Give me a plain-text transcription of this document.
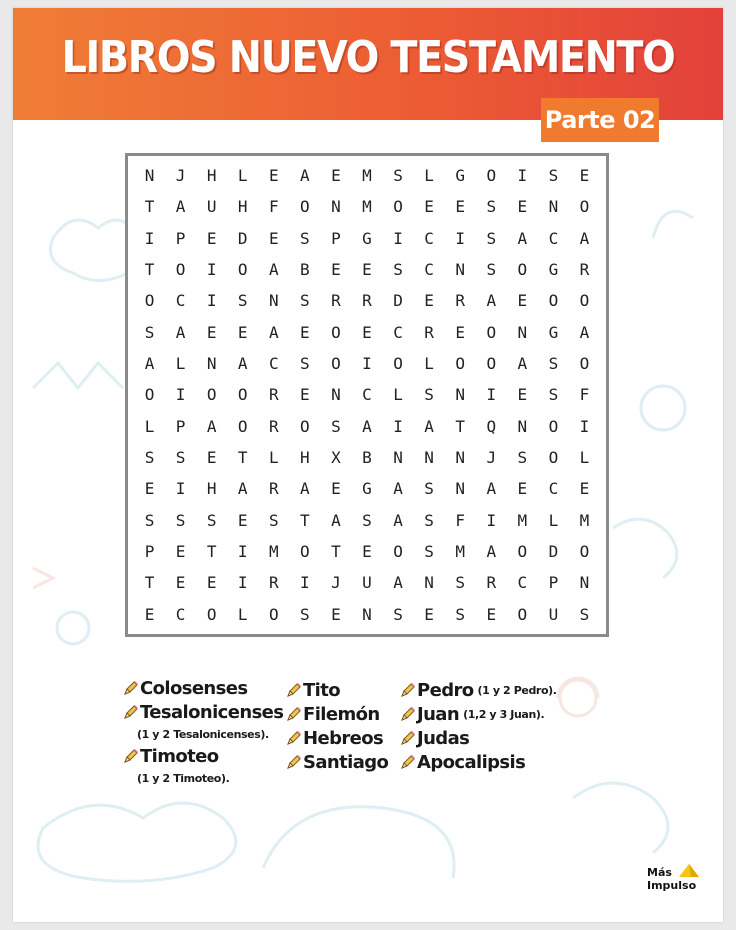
LIBROS NUEVO TESTAMENTO
Parte 02
N	J	H	L	E	A	E	M	S	L	G	O	I	S	E
T	A	U	H	F	O	N	M	O	E	E	S	E	N	O
I	P	E	D	E	S	P	G	I	C	I	S	A	C	A
T	O	I	O	A	B	E	E	S	C	N	S	O	G	R
O	C	I	S	N	S	R	R	D	E	R	A	E	O	O
S	A	E	E	A	E	O	E	C	R	E	O	N	G	A
A	L	N	A	C	S	O	I	O	L	O	O	A	S	O
O	I	O	O	R	E	N	C	L	S	N	I	E	S	F
L	P	A	O	R	O	S	A	I	A	T	Q	N	O	I
S	S	E	T	L	H	X	B	N	N	N	J	S	O	L
E	I	H	A	R	A	E	G	A	S	N	A	E	C	E
S	S	S	E	S	T	A	S	A	S	F	I	M	L	M
P	E	T	I	M	O	T	E	O	S	M	A	O	D	O
T	E	E	I	R	I	J	U	A	N	S	R	C	P	N
E	C	O	L	O	S	E	N	S	E	S	E	O	U	S
Colosenses
Tesalonicenses
(1 y 2 Tesalonicenses).
Timoteo
(1 y 2 Timoteo).
Tito
Filemón
Hebreos
Santiago
Pedro (1 y 2 Pedro).
Juan (1,2 y 3 Juan).
Judas
Apocalipsis
Más
Impulso
